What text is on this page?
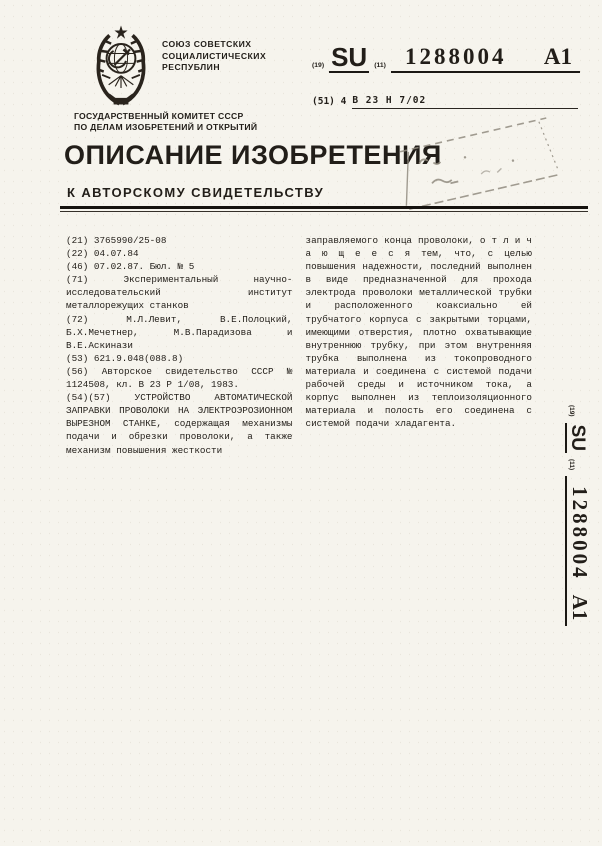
СОЮЗ СОВЕТСКИХ
СОЦИАЛИСТИЧЕСКИХ
РЕСПУБЛИН	(19) SU (11) 1288004 A1
(51) 4 В 23 Н 7/02
ГОСУДАРСТВЕННЫЙ КОМИТЕТ СССР
ПО ДЕЛАМ ИЗОБРЕТЕНИЙ И ОТКРЫТИЙ
ОПИСАНИЕ ИЗОБРЕТЕНИЯ
К АВТОРСКОМУ СВИДЕТЕЛЬСТВУ

(21) 3765990/25-08

(22) 04.07.84

(46) 07.02.87. Бюл. № 5

(71) Экспериментальный научно-исследовательский институт металлорежущих станков

(72) М.Л.Левит, В.Е.Полоцкий, Б.Х.Мечетнер, М.В.Парадизова и В.Е.Аскинази

(53) 621.9.048(088.8)

(56) Авторское свидетельство СССР № 1124508, кл. В 23 Р 1/08, 1983.

(54)(57) УСТРОЙСТВО АВТОМАТИЧЕСКОЙ ЗАПРАВКИ ПРОВОЛОКИ НА ЭЛЕКТРОЭРОЗИОННОМ ВЫРЕЗНОМ СТАНКЕ, содержащая механизмы подачи и обрезки проволоки, а также механизм повышения жесткости

заправляемого конца проволоки, о т л и ч а ю щ е е с я тем, что, с целью повышения надежности, последний выполнен в виде предназначенной для прохода электрода проволоки металлической трубки и расположенного коаксиально ей трубчатого корпуса с закрытыми торцами, имеющими отверстия, плотно охватывающие внутреннюю трубку, при этом внутренняя трубка выполнена из токопроводного материала и соединена с системой подачи рабочей среды и источником тока, а корпус выполнен из теплоизоляционного материала и полость его соединена с системой подачи хладагента.

(19)
SU
(11)
1288004
A1
